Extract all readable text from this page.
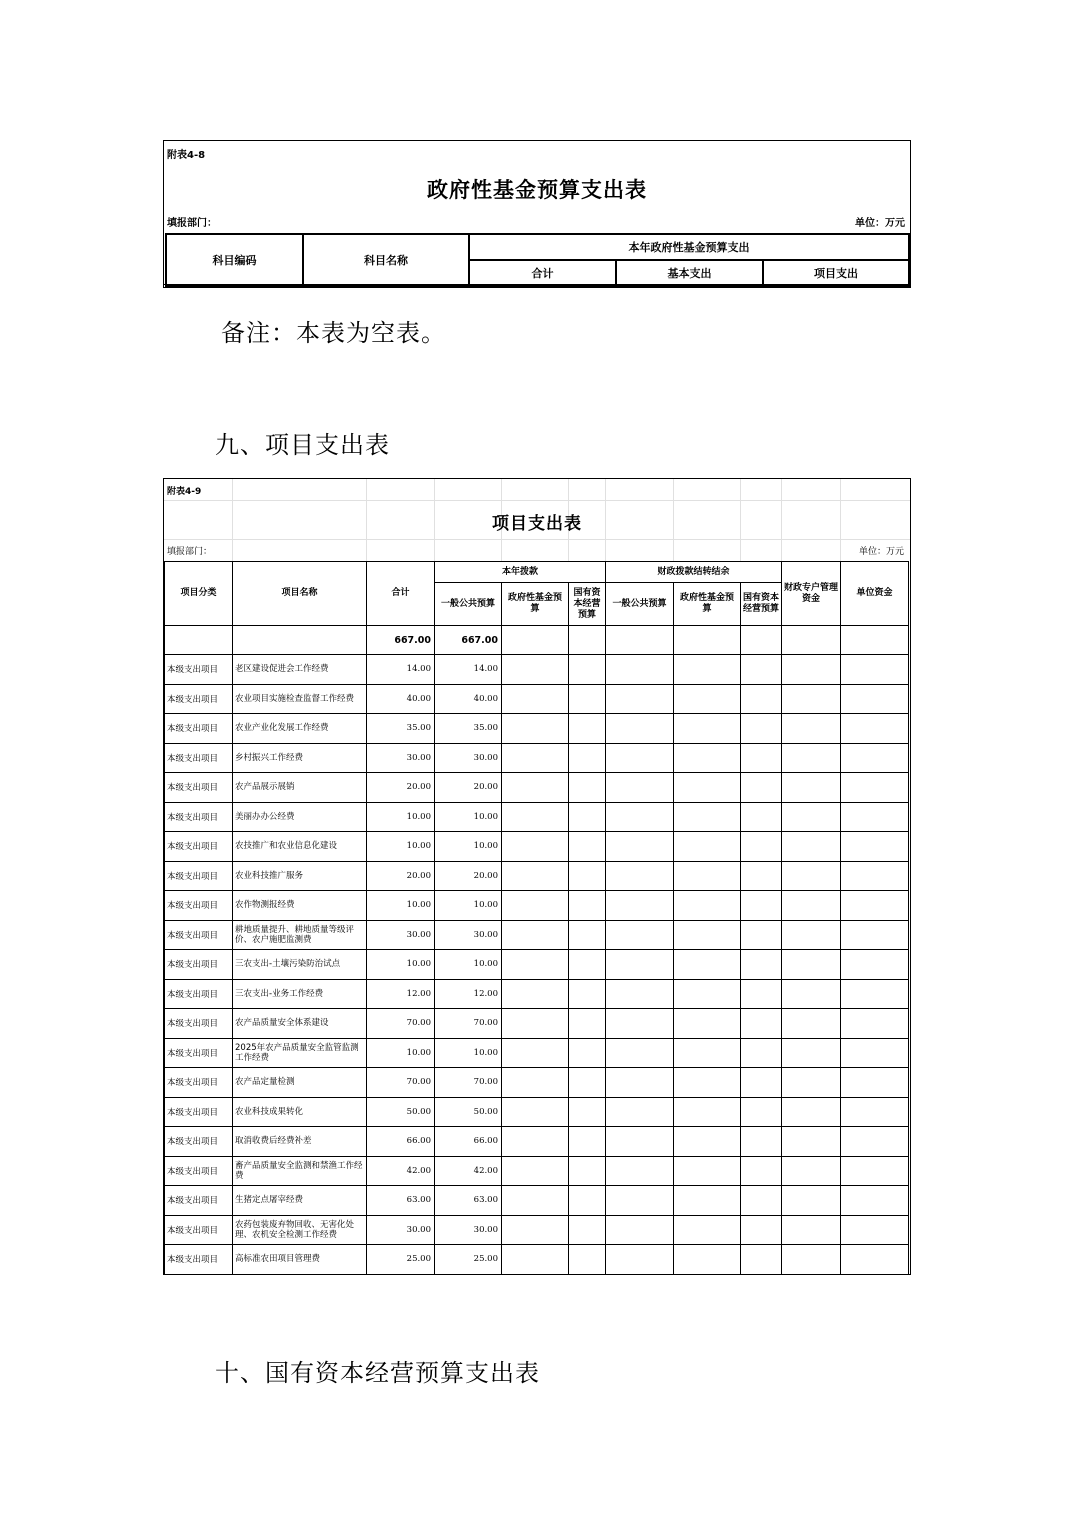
附表4-8
政府性基金预算支出表
填报部门：	单位：万元
科目编码	科目名称	本年政府性基金预算支出		
		合计	基本支出	项目支出
备注：本表为空表。
九、项目支出表
附表4-9
项目支出表
填报部门：	单位：万元
项目分类	项目名称	合计	本年拨款			财政拨款结转结余			财政专户管理资金	单位资金
			一般公共预算	政府性基金预算	国有资本经营预算	一般公共预算	政府性基金预算	国有资本经营预算		
		667.00	667.00							
本级支出项目	老区建设促进会工作经费	14.00	14.00							
本级支出项目	农业项目实施检查监督工作经费	40.00	40.00							
本级支出项目	农业产业化发展工作经费	35.00	35.00							
本级支出项目	乡村振兴工作经费	30.00	30.00							
本级支出项目	农产品展示展销	20.00	20.00							
本级支出项目	美丽办办公经费	10.00	10.00							
本级支出项目	农技推广和农业信息化建设	10.00	10.00							
本级支出项目	农业科技推广服务	20.00	20.00							
本级支出项目	农作物测报经费	10.00	10.00							
本级支出项目	耕地质量提升、耕地质量等级评价、农户施肥监测费	30.00	30.00							
本级支出项目	三农支出-土壤污染防治试点	10.00	10.00							
本级支出项目	三农支出-业务工作经费	12.00	12.00							
本级支出项目	农产品质量安全体系建设	70.00	70.00							
本级支出项目	2025年农产品质量安全监管监测工作经费	10.00	10.00							
本级支出项目	农产品定量检测	70.00	70.00							
本级支出项目	农业科技成果转化	50.00	50.00							
本级支出项目	取消收费后经费补差	66.00	66.00							
本级支出项目	畜产品质量安全监测和禁渔工作经费	42.00	42.00							
本级支出项目	生猪定点屠宰经费	63.00	63.00							
本级支出项目	农药包装废弃物回收、无害化处理、农机安全检测工作经费	30.00	30.00							
本级支出项目	高标准农田项目管理费	25.00	25.00							
十、国有资本经营预算支出表
